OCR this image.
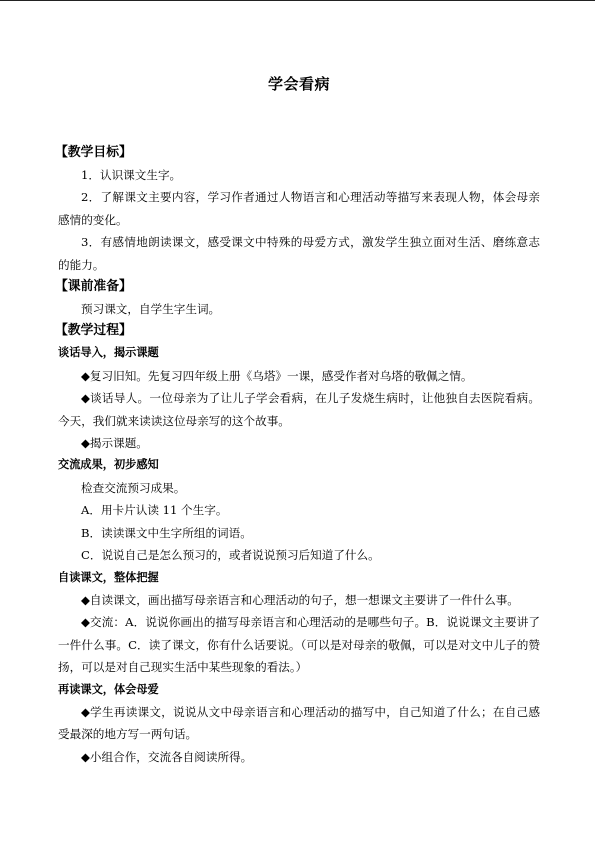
学会看病
【教学目标】

1．认识课文生字。

2．了解课文主要内容，学习作者通过人物语言和心理活动等描写来表现人物，体会母亲感情的变化。

3．有感情地朗读课文，感受课文中特殊的母爱方式，激发学生独立面对生活、磨练意志的能力。

【课前准备】

预习课文，自学生字生词。

【教学过程】
谈话导入，揭示课题

◆复习旧知。先复习四年级上册《乌塔》一课，感受作者对乌塔的敬佩之情。

◆谈话导人。一位母亲为了让儿子学会看病，在儿子发烧生病时，让他独自去医院看病。今天，我们就来读读这位母亲写的这个故事。

◆揭示课题。

交流成果，初步感知

检查交流预习成果。

A．用卡片认读 11 个生字。

B．读读课文中生字所组的词语。

C．说说自己是怎么预习的，或者说说预习后知道了什么。

自读课文，整体把握

◆自读课文，画出描写母亲语言和心理活动的句子，想一想课文主要讲了一件什么事。

◆交流：A．说说你画出的描写母亲语言和心理活动的是哪些句子。B．说说课文主要讲了一件什么事。C．读了课文，你有什么话要说。（可以是对母亲的敬佩，可以是对文中儿子的赞扬，可以是对自己现实生活中某些现象的看法。）

再读课文，体会母爱

◆学生再读课文，说说从文中母亲语言和心理活动的描写中，自己知道了什么；在自己感受最深的地方写一两句话。

◆小组合作，交流各自阅读所得。
